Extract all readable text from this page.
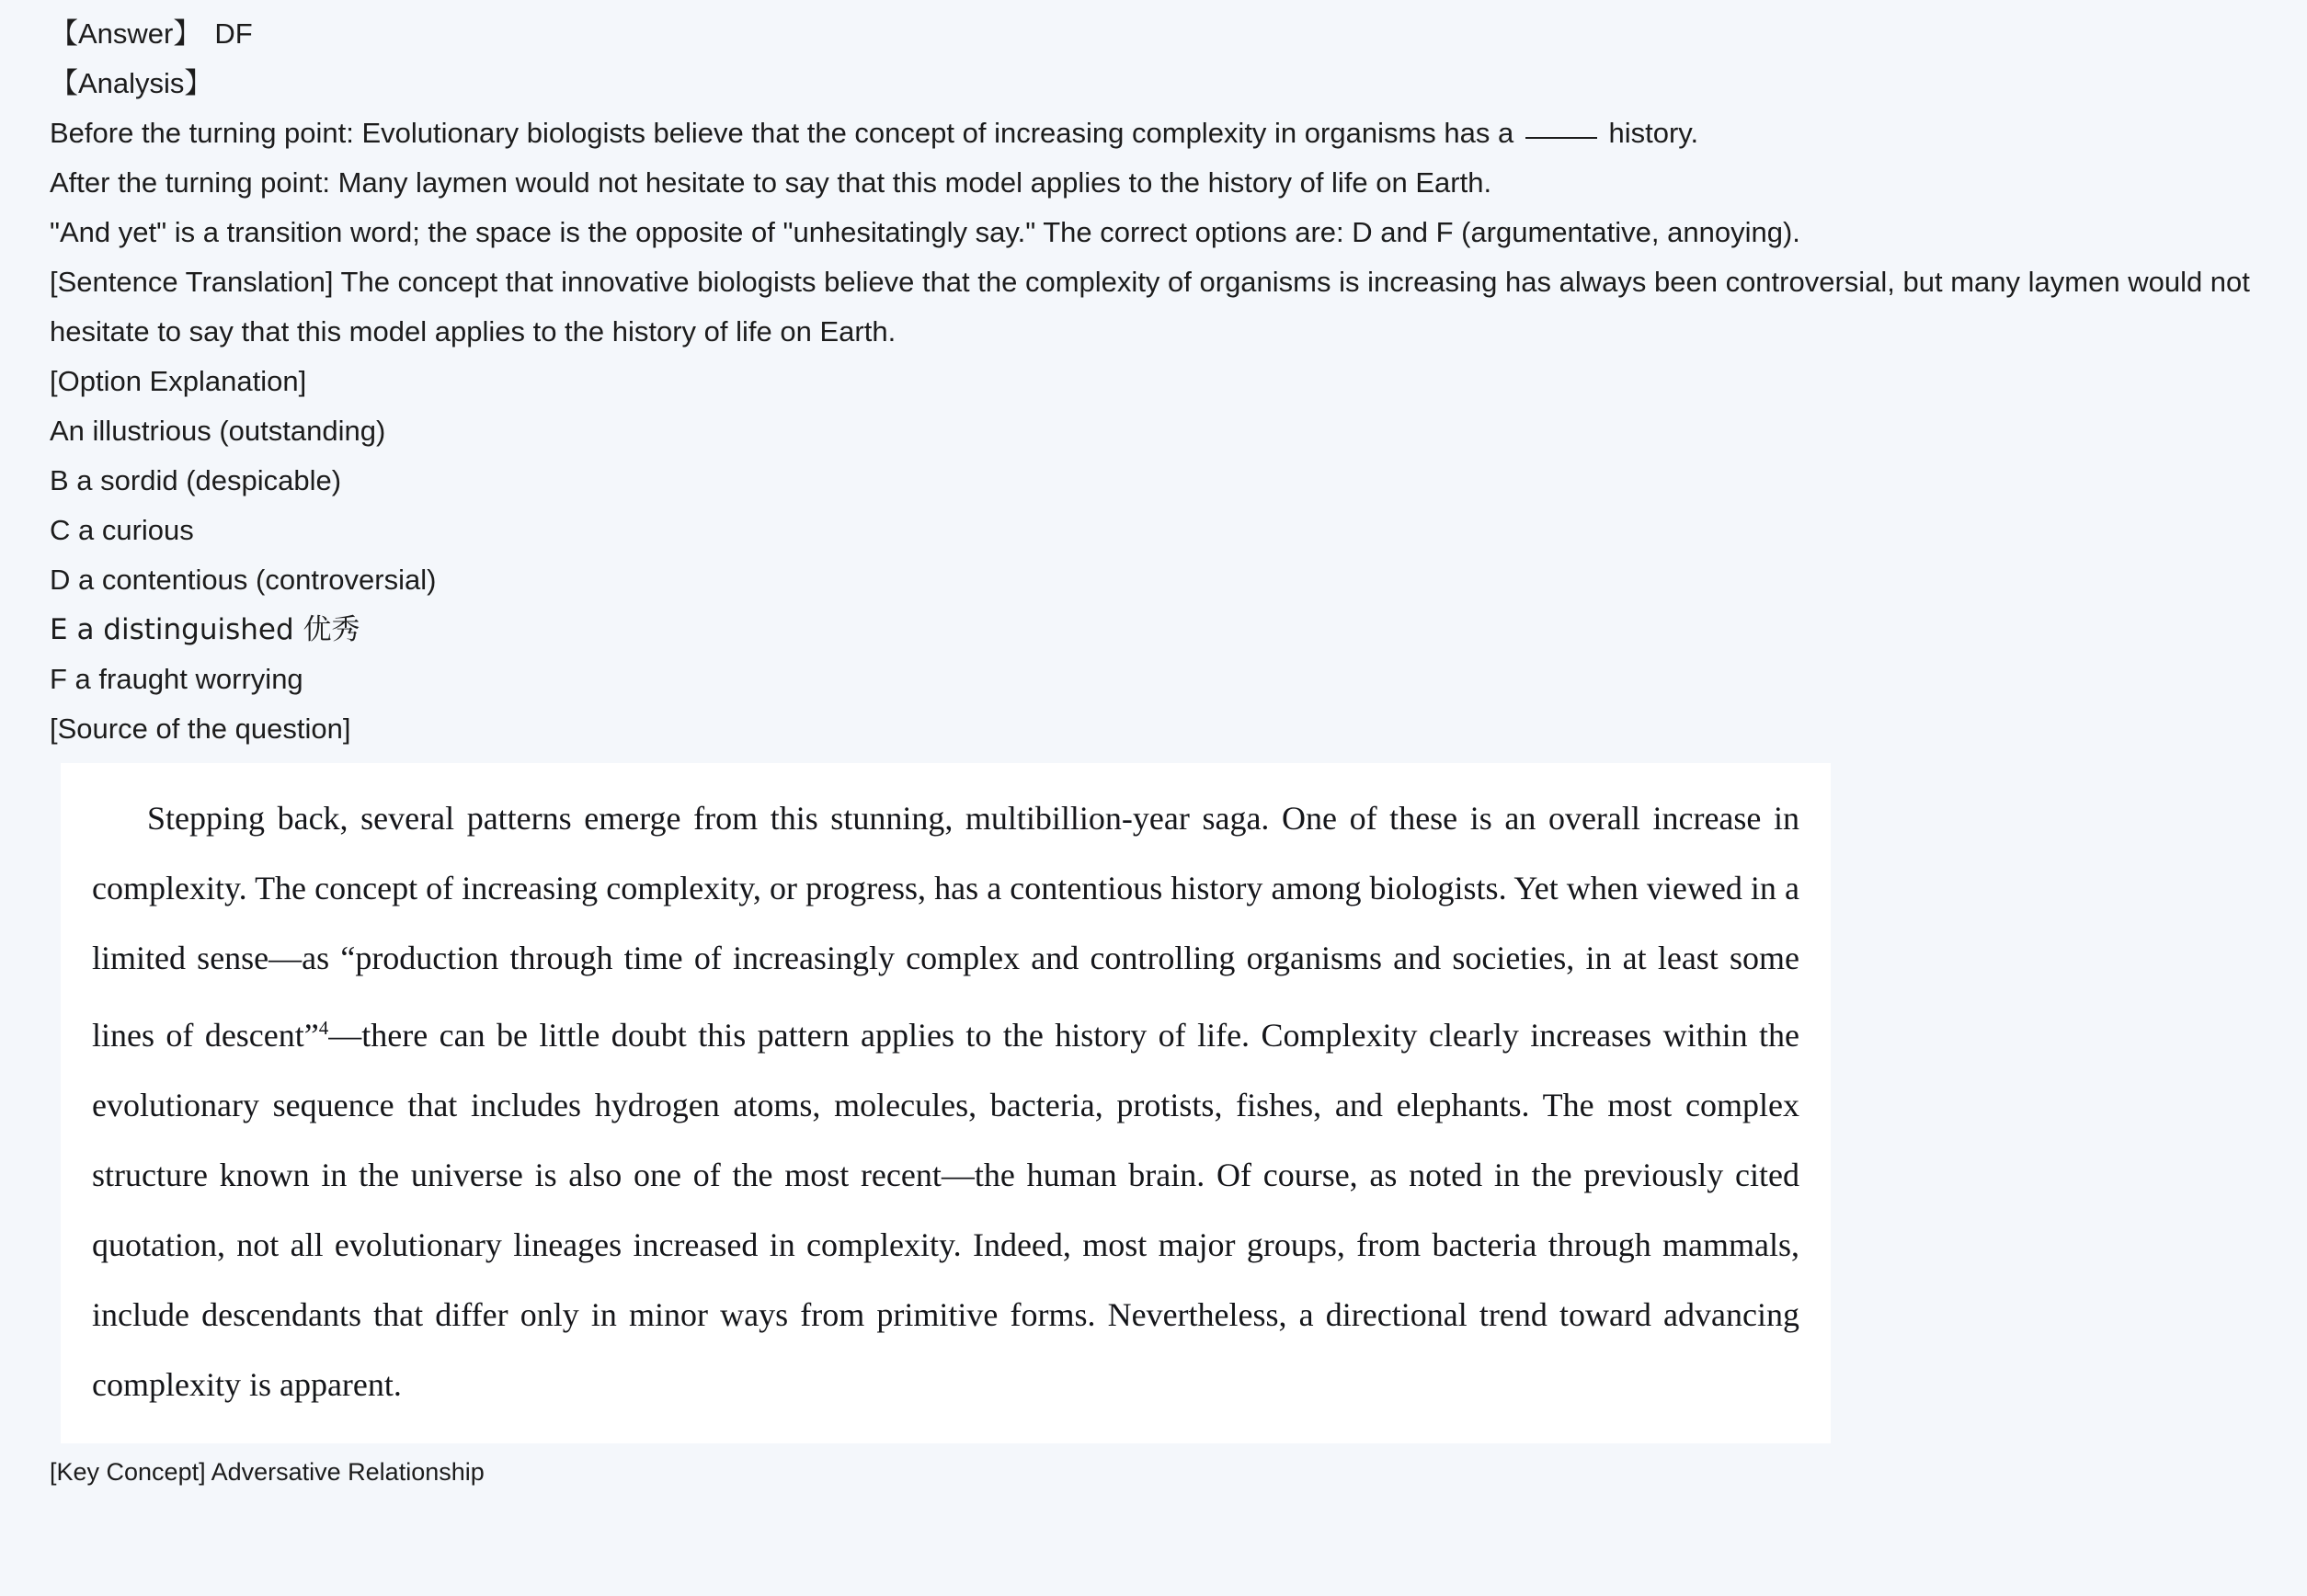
【Answer】 DF
【Analysis】
Before the turning point: Evolutionary biologists believe that the concept of increasing complexity in organisms has a	history.
After the turning point: Many laymen would not hesitate to say that this model applies to the history of life on Earth.
"And yet" is a transition word; the space is the opposite of "unhesitatingly say." The correct options are: D and F (argumentative, annoying).
[Sentence Translation] The concept that innovative biologists believe that the complexity of organisms is increasing has always been controversial, but many laymen would not hesitate to say that this model applies to the history of life on Earth.
[Option Explanation]
An illustrious (outstanding)
B a sordid (despicable)
C a curious
D a contentious (controversial)
E a distinguished 优秀
F a fraught worrying
[Source of the question]

Stepping back, several patterns emerge from this stunning, multibillion-year saga. One of these is an overall increase in complexity. The concept of increasing complexity, or progress, has a contentious history among biologists. Yet when viewed in a limited sense—as “production through time of increasingly complex and controlling organisms and societies, in at least some lines of descent”$^4$—there can be little doubt this pattern applies to the history of life. Complexity clearly increases within the evolutionary sequence that includes hydrogen atoms, molecules, bacteria, protists, fishes, and elephants. The most complex structure known in the universe is also one of the most recent—the human brain. Of course, as noted in the previously cited quotation, not all evolutionary lineages increased in complexity. Indeed, most major groups, from bacteria through mammals, include descendants that differ only in minor ways from primitive forms. Nevertheless, a directional trend toward advancing complexity is apparent.

[Key Concept] Adversative Relationship
